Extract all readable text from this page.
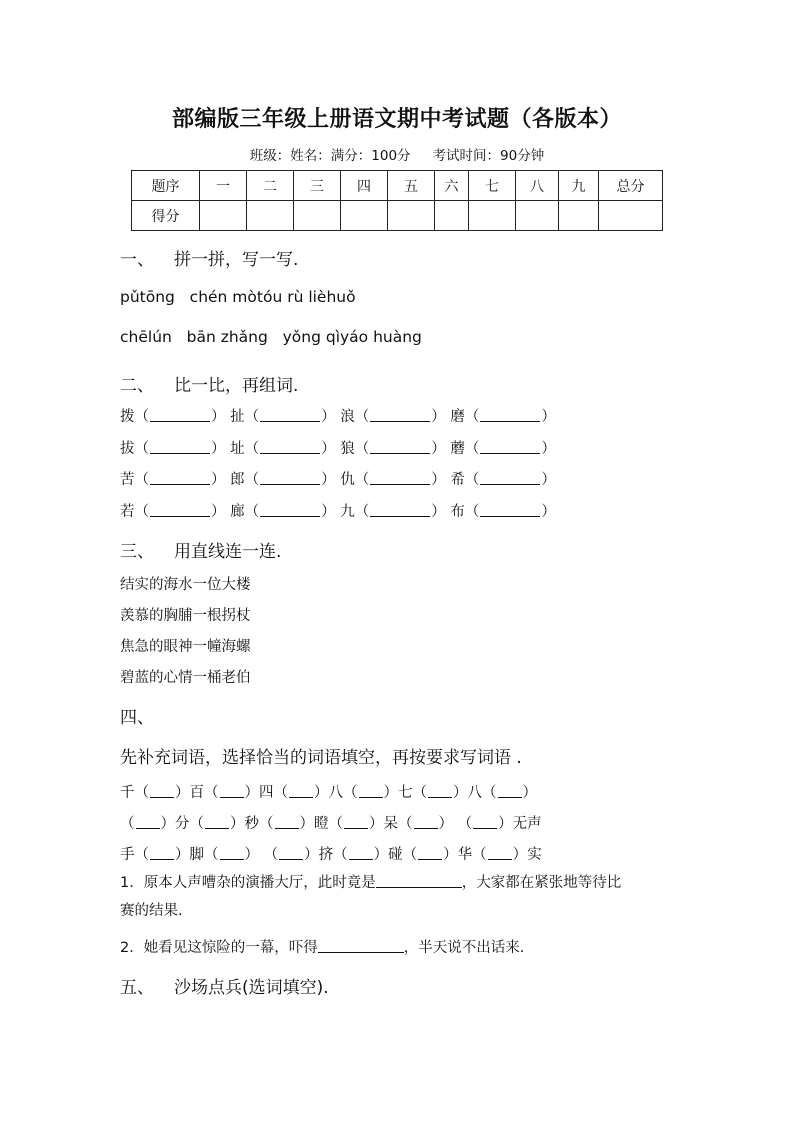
部编版三年级上册语文期中考试题（各版本）
班级：姓名：满分：100分 考试时间：90分钟
题序	一	二	三	四	五	六	七	八	九	总分
得分										
一、 拼一拼，写一写.
pǔtōng   chén mòtóu rù lièhuǒ
chēlún   bān zhǎng   yǒng qìyáo huàng
二、 比一比，再组词.
拨（	） 扯（	） 浪（	） 磨（	）
拔（	） 址（	） 狼（	） 蘑（	）
苦（	） 郎（	） 仇（	） 希（	）
若（	） 廊（	） 九（	） 布（	）
三、 用直线连一连.
结实的海水一位大楼
羡慕的胸脯一根拐杖
焦急的眼神一幢海螺
碧蓝的心情一桶老伯
四、
先补充词语，选择恰当的词语填空，再按要求写词语 .
千（ ）百（ ）四（ ）八（ ）七（ ）八（ ）
（ ）分（ ）秒（ ）瞪（ ）呆（ ） （ ）无声
手（ ）脚（ ） （ ）挤（ ）碰（ ）华（ ）实
1．原本人声嘈杂的演播大厅，此时竟是	，大家都在紧张地等待比
赛的结果.
2．她看见这惊险的一幕，吓得	，半天说不出话来.
五、 沙场点兵(选词填空).
